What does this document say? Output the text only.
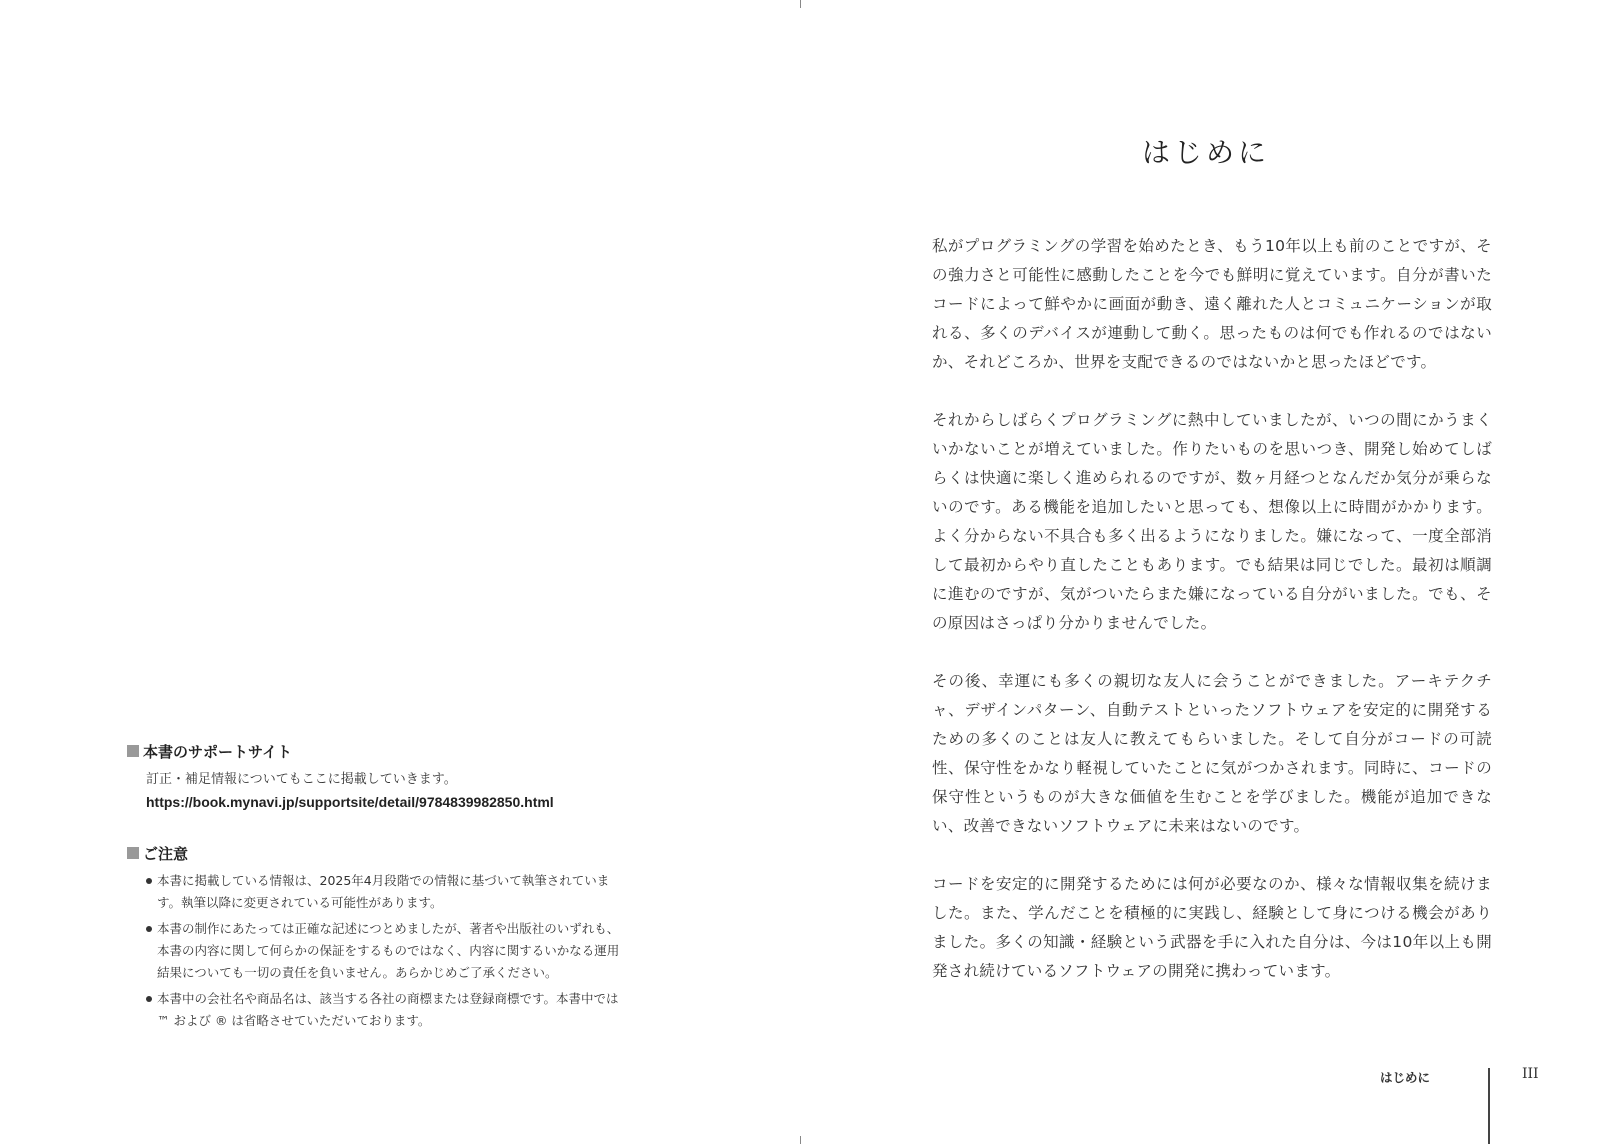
本書のサポートサイト
訂正・補足情報についてもここに掲載していきます。
https://book.mynavi.jp/supportsite/detail/9784839982850.html
ご注意
本書に掲載している情報は、2025年4月段階での情報に基づいて執筆されています。執筆以降に変更されている可能性があります。
本書の制作にあたっては正確な記述につとめましたが、著者や出版社のいずれも、本書の内容に関して何らかの保証をするものではなく、内容に関するいかなる運用結果についても一切の責任を負いません。あらかじめご了承ください。
本書中の会社名や商品名は、該当する各社の商標または登録商標です。本書中では ™ および ® は省略させていただいております。
はじめに

私がプログラミングの学習を始めたとき、もう10年以上も前のことですが、その強力さと可能性に感動したことを今でも鮮明に覚えています。自分が書いたコードによって鮮やかに画面が動き、遠く離れた人とコミュニケーションが取れる、多くのデバイスが連動して動く。思ったものは何でも作れるのではないか、それどころか、世界を支配できるのではないかと思ったほどです。

それからしばらくプログラミングに熱中していましたが、いつの間にかうまくいかないことが増えていました。作りたいものを思いつき、開発し始めてしばらくは快適に楽しく進められるのですが、数ヶ月経つとなんだか気分が乗らないのです。ある機能を追加したいと思っても、想像以上に時間がかかります。よく分からない不具合も多く出るようになりました。嫌になって、一度全部消して最初からやり直したこともあります。でも結果は同じでした。最初は順調に進むのですが、気がついたらまた嫌になっている自分がいました。でも、その原因はさっぱり分かりませんでした。

その後、幸運にも多くの親切な友人に会うことができました。アーキテクチャ、デザインパターン、自動テストといったソフトウェアを安定的に開発するための多くのことは友人に教えてもらいました。そして自分がコードの可読性、保守性をかなり軽視していたことに気がつかされます。同時に、コードの保守性というものが大きな価値を生むことを学びました。機能が追加できない、改善できないソフトウェアに未来はないのです。

コードを安定的に開発するためには何が必要なのか、様々な情報収集を続けました。また、学んだことを積極的に実践し、経験として身につける機会がありました。多くの知識・経験という武器を手に入れた自分は、今は10年以上も開発され続けているソフトウェアの開発に携わっています。

はじめに	III
